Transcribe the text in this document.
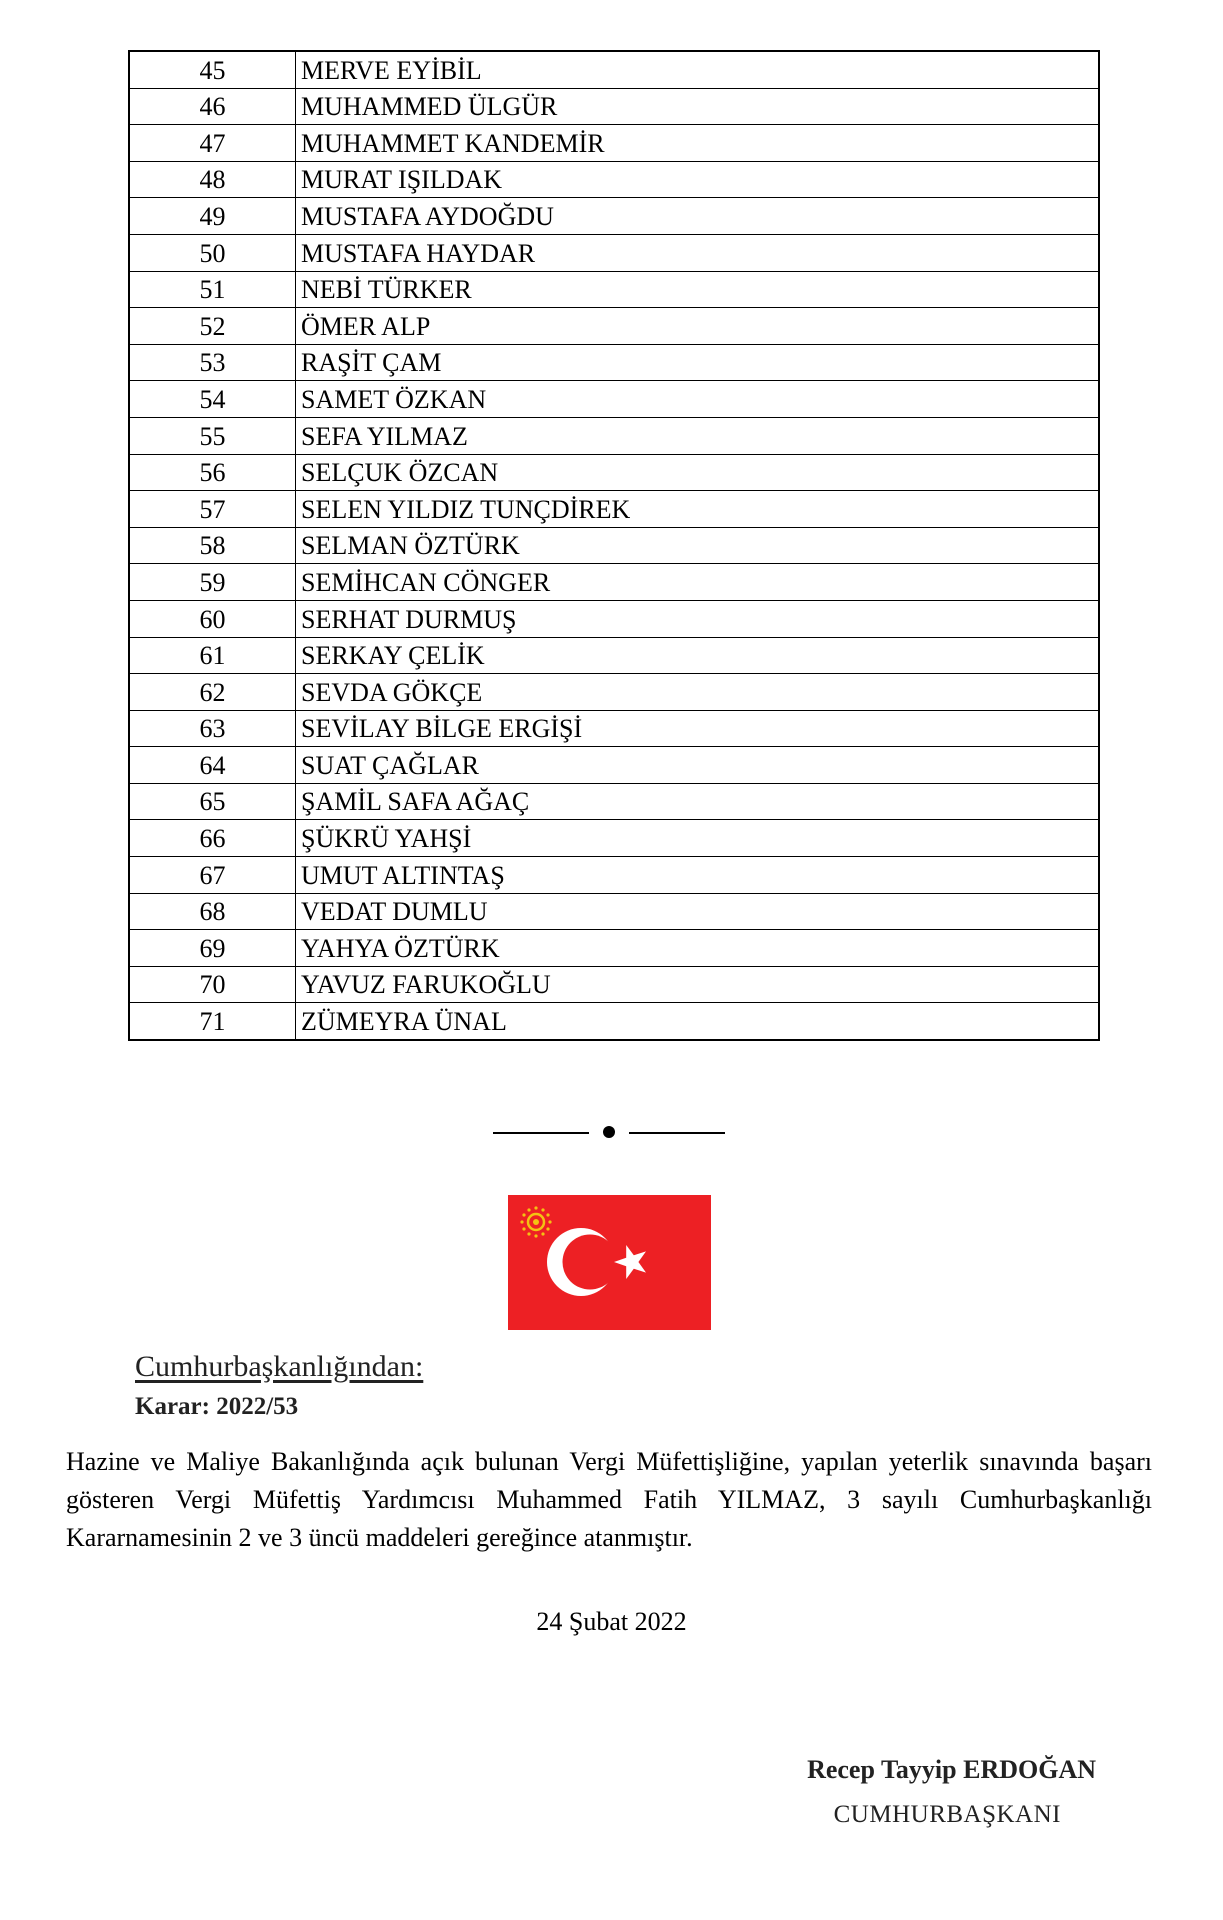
45	MERVE EYİBİL
46	MUHAMMED ÜLGÜR
47	MUHAMMET KANDEMİR
48	MURAT IŞILDAK
49	MUSTAFA AYDOĞDU
50	MUSTAFA HAYDAR
51	NEBİ TÜRKER
52	ÖMER ALP
53	RAŞİT ÇAM
54	SAMET ÖZKAN
55	SEFA YILMAZ
56	SELÇUK ÖZCAN
57	SELEN YILDIZ TUNÇDİREK
58	SELMAN ÖZTÜRK
59	SEMİHCAN CÖNGER
60	SERHAT DURMUŞ
61	SERKAY ÇELİK
62	SEVDA GÖKÇE
63	SEVİLAY BİLGE ERGİŞİ
64	SUAT ÇAĞLAR
65	ŞAMİL SAFA AĞAÇ
66	ŞÜKRÜ YAHŞİ
67	UMUT ALTINTAŞ
68	VEDAT DUMLU
69	YAHYA ÖZTÜRK
70	YAVUZ FARUKOĞLU
71	ZÜMEYRA ÜNAL
Cumhurbaşkanlığından:
Karar: 2022/53
Hazine ve Maliye Bakanlığında açık bulunan Vergi Müfettişliğine, yapılan yeterlik sınavında başarı gösteren Vergi Müfettiş Yardımcısı Muhammed Fatih YILMAZ, 3 sayılı Cumhurbaşkanlığı Kararnamesinin 2 ve 3 üncü maddeleri gereğince atanmıştır.
24 Şubat 2022
Recep Tayyip ERDOĞAN
CUMHURBAŞKANI
